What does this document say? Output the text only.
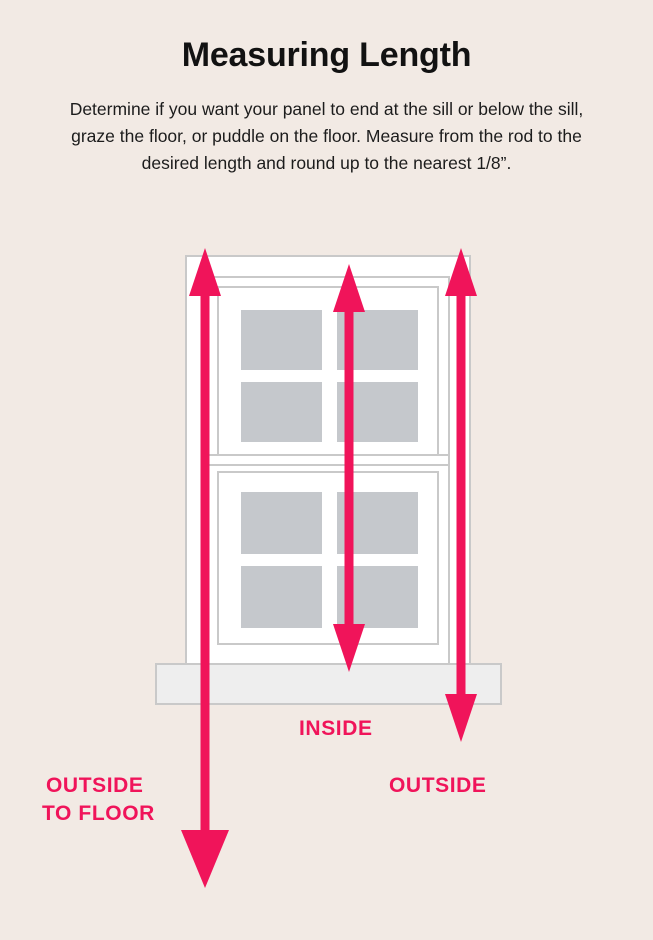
Measuring Length
Determine if you want your panel to end at the sill or below the sill, graze the floor, or puddle on the floor. Measure from the rod to the desired length and round up to the nearest 1/8”.
INSIDE
OUTSIDE
OUTSIDE
TO FLOOR
